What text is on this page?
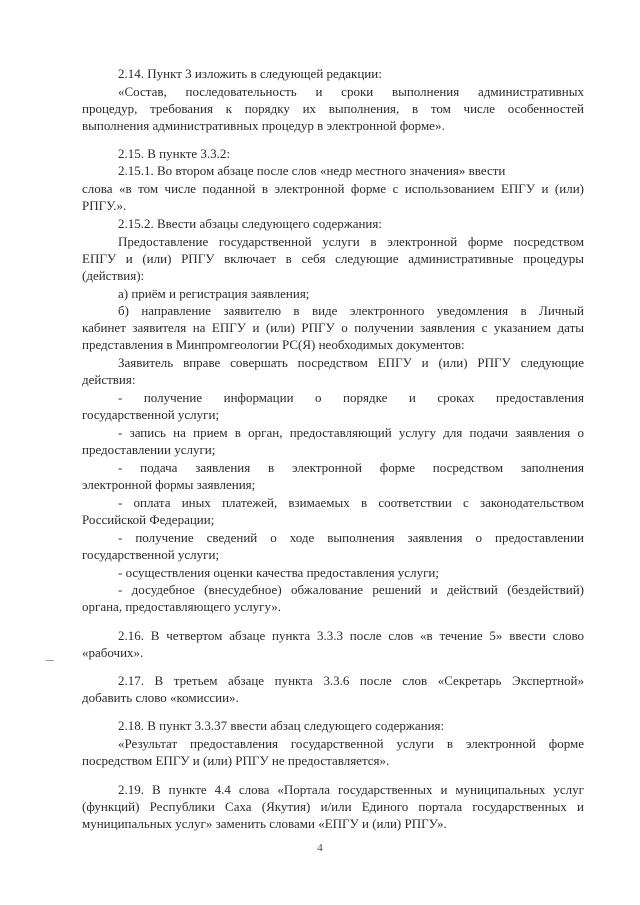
2.14. Пункт 3 изложить в следующей редакции:
«Состав, последовательность и сроки выполнения административных
процедур, требования к порядку их выполнения, в том числе особенностей
выполнения административных процедур в электронной форме».
2.15. В пункте 3.3.2:
2.15.1. Во втором абзаце после слов «недр местного значения» ввести
слова «в том числе поданной в электронной форме с использованием ЕПГУ и (или)
РПГУ.».
2.15.2. Ввести абзацы следующего содержания:
Предоставление государственной услуги в электронной форме посредством
ЕПГУ и (или) РПГУ включает в себя следующие административные процедуры
(действия):
а) приём и регистрация заявления;
б) направление заявителю в виде электронного уведомления в Личный
кабинет заявителя на ЕПГУ и (или) РПГУ о получении заявления с указанием даты
представления в Минпромгеологии РС(Я) необходимых документов:
Заявитель вправе совершать посредством ЕПГУ и (или) РПГУ следующие
действия:
- получение информации о порядке и сроках предоставления
государственной услуги;
- запись на прием в орган, предоставляющий услугу для подачи заявления о
предоставлении услуги;
- подача заявления в электронной форме посредством заполнения
электронной формы заявления;
- оплата иных платежей, взимаемых в соответствии с законодательством
Российской Федерации;
- получение сведений о ходе выполнения заявления о предоставлении
государственной услуги;
- осуществления оценки качества предоставления услуги;
- досудебное (внесудебное) обжалование решений и действий (бездействий)
органа, предоставляющего услугу».
2.16. В четвертом абзаце пункта 3.3.3 после слов «в течение 5» ввести слово
«рабочих».
2.17. В третьем абзаце пункта 3.3.6 после слов «Секретарь Экспертной»
добавить слово «комиссии».
2.18. В пункт 3.3.37 ввести абзац следующего содержания:
«Результат предоставления государственной услуги в электронной форме
посредством ЕПГУ и (или) РПГУ не предоставляется».
2.19. В пункте 4.4 слова «Портала государственных и муниципальных услуг
(функций) Республики Саха (Якутия) и/или Единого портала государственных и
муниципальных услуг» заменить словами «ЕПГУ и (или) РПГУ».
4
